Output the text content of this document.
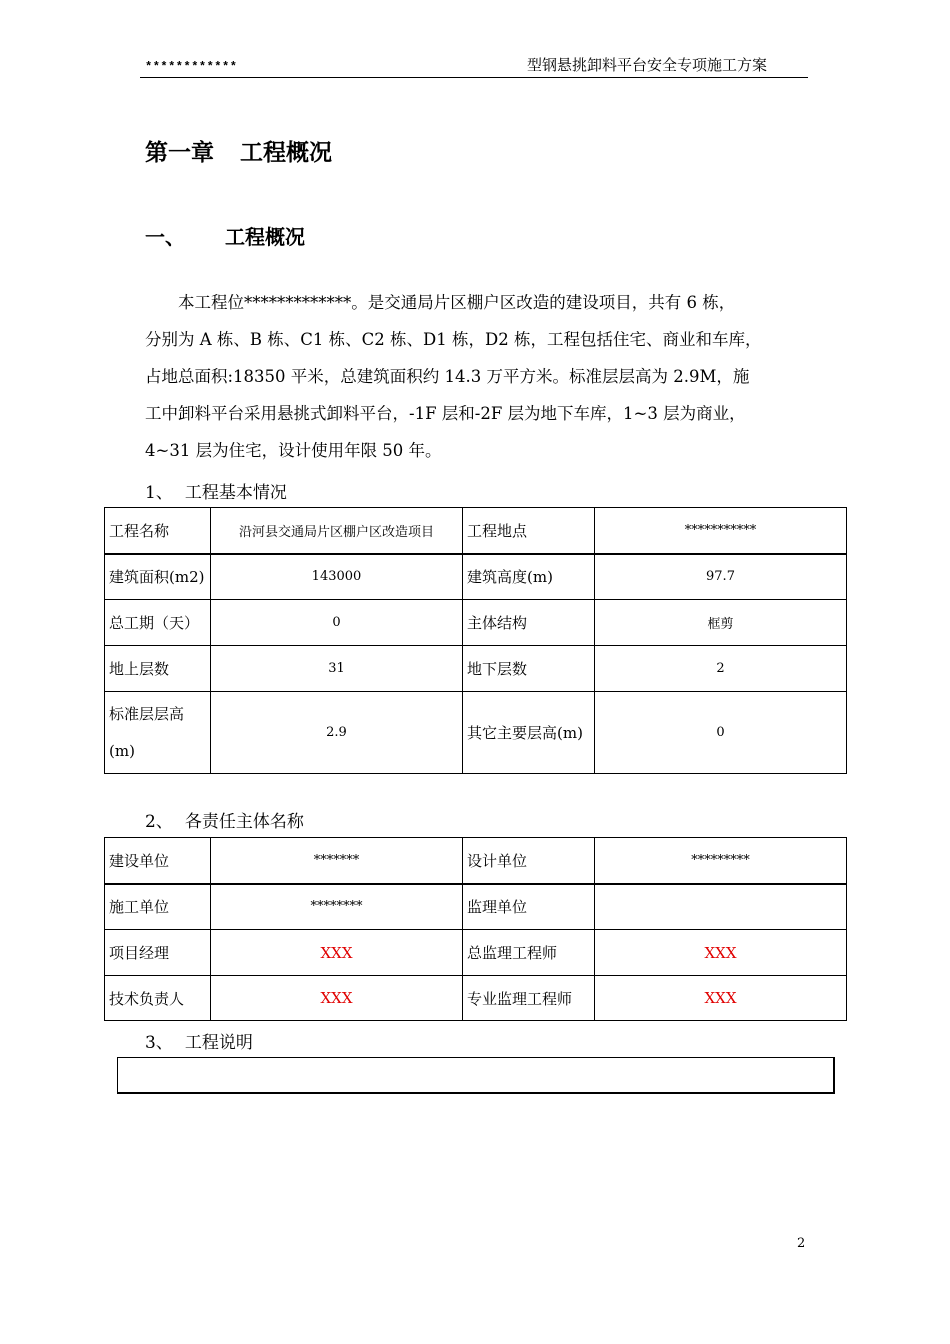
************	型钢悬挑卸料平台安全专项施工方案
第一章 工程概况
一、 工程概况

　　本工程位*************。是交通局片区棚户区改造的建设项目，共有 6 栋，

分别为 A 栋、B 栋、C1 栋、C2 栋、D1 栋，D2 栋，工程包括住宅、商业和车库，

占地总面积:18350 平米，总建筑面积约 14.3 万平方米。标准层层高为 2.9M，施

工中卸料平台采用悬挑式卸料平台，-1F 层和-2F 层为地下车库，1~3 层为商业，

4~31 层为住宅，设计使用年限 50 年。

1、 工程基本情况
工程名称	沿河县交通局片区棚户区改造项目	工程地点	***********
建筑面积(m2)	143000	建筑高度(m)	97.7
总工期（天）	0	主体结构	框剪
地上层数	31	地下层数	2
标准层层高(m)	2.9	其它主要层高(m)	0
2、 各责任主体名称
建设单位	*******	设计单位	*********
施工单位	********	监理单位	
项目经理	XXX	总监理工程师	XXX
技术负责人	XXX	专业监理工程师	XXX
3、 工程说明
2
